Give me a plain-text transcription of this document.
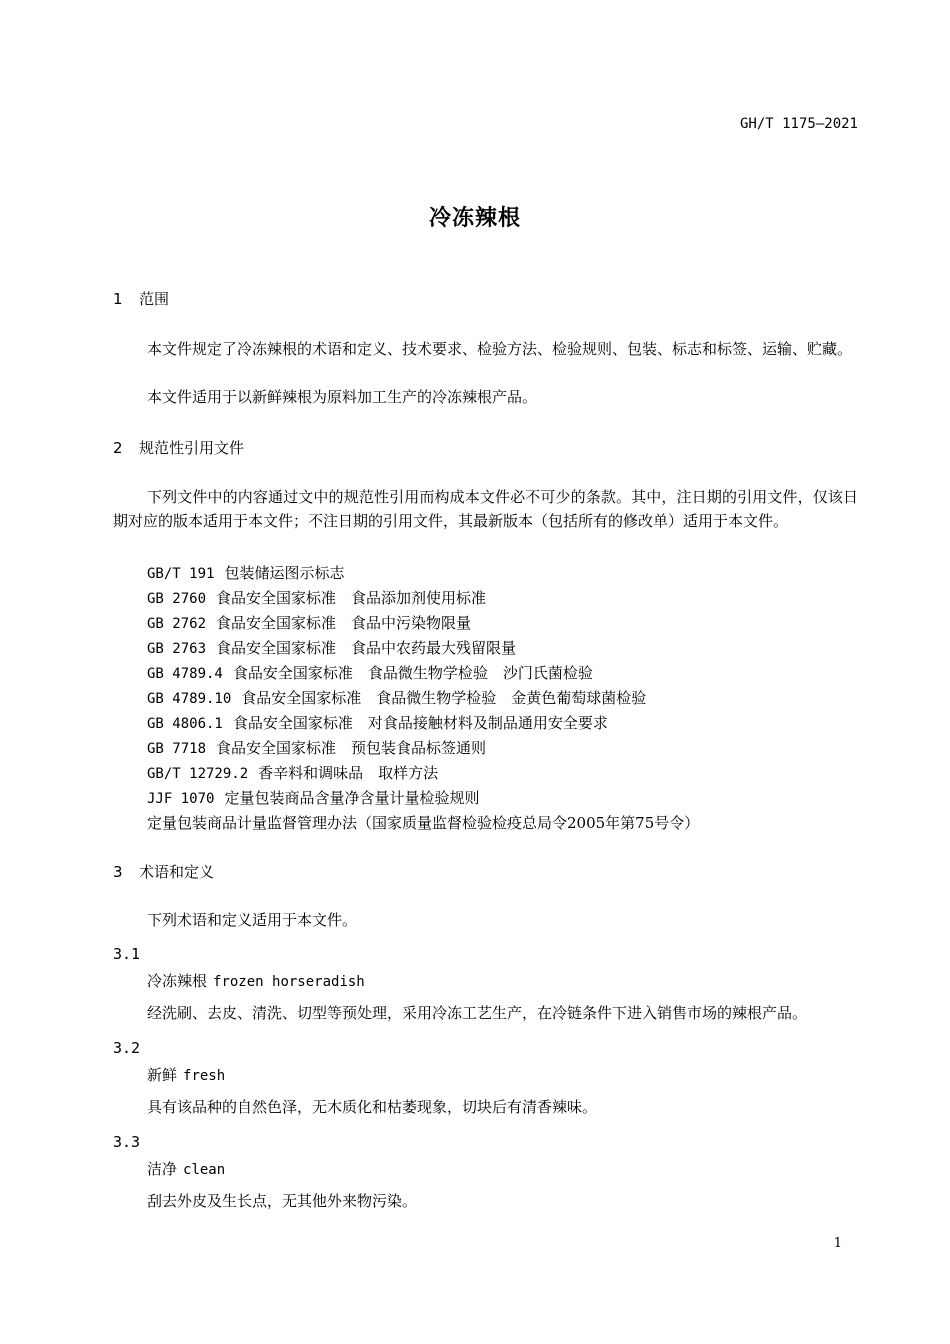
GH/T 1175—2021
冷冻辣根
1 范围

本文件规定了冷冻辣根的术语和定义、技术要求、检验方法、检验规则、包装、标志和标签、运输、贮藏。

本文件适用于以新鲜辣根为原料加工生产的冷冻辣根产品。

2 规范性引用文件

下列文件中的内容通过文中的规范性引用而构成本文件必不可少的条款。其中，注日期的引用文件，仅该日期对应的版本适用于本文件；不注日期的引用文件，其最新版本（包括所有的修改单）适用于本文件。

GB/T 191 包装储运图示标志
GB 2760 食品安全国家标准　食品添加剂使用标准
GB 2762 食品安全国家标准　食品中污染物限量
GB 2763 食品安全国家标准　食品中农药最大残留限量
GB 4789.4 食品安全国家标准　食品微生物学检验　沙门氏菌检验
GB 4789.10 食品安全国家标准　食品微生物学检验　金黄色葡萄球菌检验
GB 4806.1 食品安全国家标准　对食品接触材料及制品通用安全要求
GB 7718 食品安全国家标准　预包装食品标签通则
GB/T 12729.2 香辛料和调味品　取样方法
JJF 1070 定量包装商品含量净含量计量检验规则
定量包装商品计量监督管理办法（国家质量监督检验检疫总局令2005年第75号令）
3 术语和定义

下列术语和定义适用于本文件。

3.1
冷冻辣根 frozen horseradish
经洗刷、去皮、清洗、切型等预处理，采用冷冻工艺生产，在冷链条件下进入销售市场的辣根产品。
3.2
新鲜 fresh
具有该品种的自然色泽，无木质化和枯萎现象，切块后有清香辣味。
3.3
洁净 clean
刮去外皮及生长点，无其他外来物污染。
1
